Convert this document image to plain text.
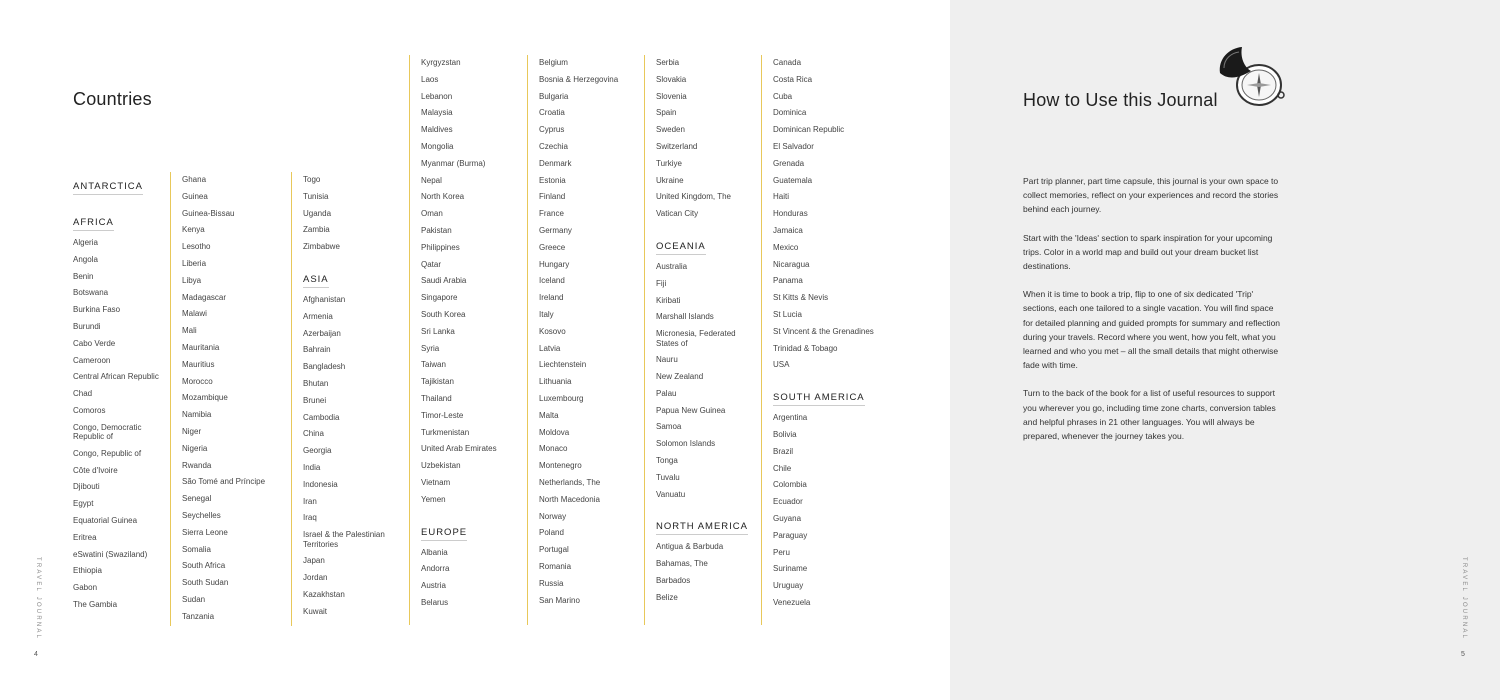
Countries
ANTARCTICA
AFRICA
Algeria
Angola
Benin
Botswana
Burkina Faso
Burundi
Cabo Verde
Cameroon
Central African Republic
Chad
Comoros
Congo, Democratic Republic of
Congo, Republic of
Côte d'Ivoire
Djibouti
Egypt
Equatorial Guinea
Eritrea
eSwatini (Swaziland)
Ethiopia
Gabon
The Gambia
Ghana
Guinea
Guinea-Bissau
Kenya
Lesotho
Liberia
Libya
Madagascar
Malawi
Mali
Mauritania
Mauritius
Morocco
Mozambique
Namibia
Niger
Nigeria
Rwanda
São Tomé and Príncipe
Senegal
Seychelles
Sierra Leone
Somalia
South Africa
South Sudan
Sudan
Tanzania
Togo
Tunisia
Uganda
Zambia
Zimbabwe
ASIA
Afghanistan
Armenia
Azerbaijan
Bahrain
Bangladesh
Bhutan
Brunei
Cambodia
China
Georgia
India
Indonesia
Iran
Iraq
Israel & the Palestinian Territories
Japan
Jordan
Kazakhstan
Kuwait
Kyrgyzstan
Laos
Lebanon
Malaysia
Maldives
Mongolia
Myanmar (Burma)
Nepal
North Korea
Oman
Pakistan
Philippines
Qatar
Saudi Arabia
Singapore
South Korea
Sri Lanka
Syria
Taiwan
Tajikistan
Thailand
Timor-Leste
Turkmenistan
United Arab Emirates
Uzbekistan
Vietnam
Yemen
EUROPE
Albania
Andorra
Austria
Belarus
Belgium
Bosnia & Herzegovina
Bulgaria
Croatia
Cyprus
Czechia
Denmark
Estonia
Finland
France
Germany
Greece
Hungary
Iceland
Ireland
Italy
Kosovo
Latvia
Liechtenstein
Lithuania
Luxembourg
Malta
Moldova
Monaco
Montenegro
Netherlands, The
North Macedonia
Norway
Poland
Portugal
Romania
Russia
San Marino
Serbia
Slovakia
Slovenia
Spain
Sweden
Switzerland
Turkiye
Ukraine
United Kingdom, The
Vatican City
OCEANIA
Australia
Fiji
Kiribati
Marshall Islands
Micronesia, Federated States of
Nauru
New Zealand
Palau
Papua New Guinea
Samoa
Solomon Islands
Tonga
Tuvalu
Vanuatu
NORTH AMERICA
Antigua & Barbuda
Bahamas, The
Barbados
Belize
Canada
Costa Rica
Cuba
Dominica
Dominican Republic
El Salvador
Grenada
Guatemala
Haiti
Honduras
Jamaica
Mexico
Nicaragua
Panama
St Kitts & Nevis
St Lucia
St Vincent & the Grenadines
Trinidad & Tobago
USA
SOUTH AMERICA
Argentina
Bolivia
Brazil
Chile
Colombia
Ecuador
Guyana
Paraguay
Peru
Suriname
Uruguay
Venezuela
TRAVEL JOURNAL
4
How to Use this Journal

Part trip planner, part time capsule, this journal is your own space to collect memories, reflect on your experiences and record the stories behind each journey.

Start with the 'Ideas' section to spark inspiration for your upcoming trips. Color in a world map and build out your dream bucket list destinations.

When it is time to book a trip, flip to one of six dedicated 'Trip' sections, each one tailored to a single vacation. You will find space for detailed planning and guided prompts for summary and reflection during your travels. Record where you went, how you felt, what you learned and who you met – all the small details that might otherwise fade with time.

Turn to the back of the book for a list of useful resources to support you wherever you go, including time zone charts, conversion tables and helpful phrases in 21 other languages. You will always be prepared, whenever the journey takes you.

TRAVEL JOURNAL
5
